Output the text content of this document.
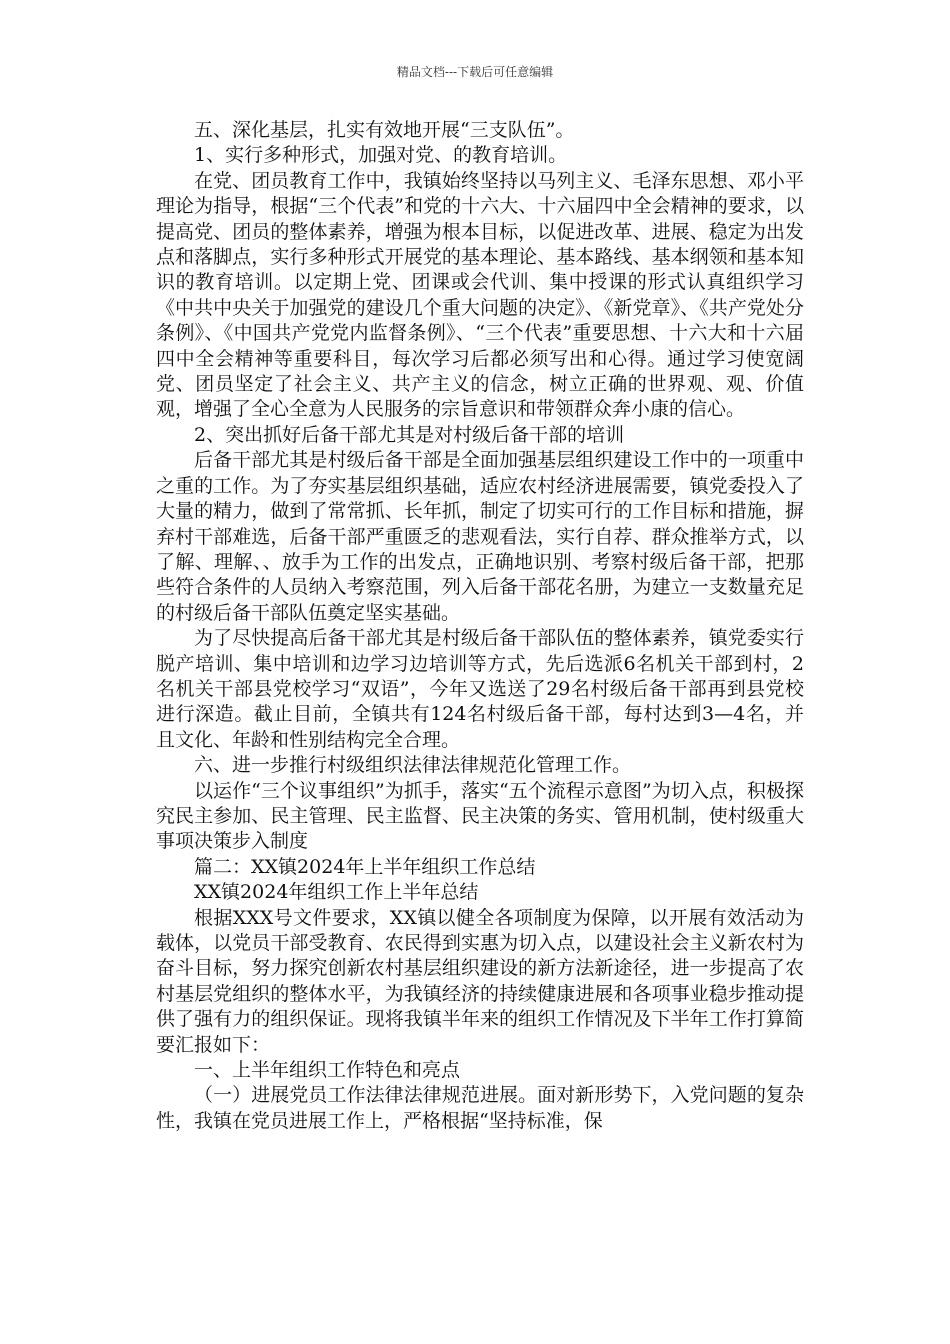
精品文档---下载后可任意编辑

五、深化基层，扎实有效地开展“三支队伍”。

1、实行多种形式，加强对党、的教育培训。

在党、团员教育工作中，我镇始终坚持以马列主义、毛泽东思想、邓小平理论为指导，根据“三个代表”和党的十六大、十六届四中全会精神的要求，以提高党、团员的整体素养，增强为根本目标，以促进改革、进展、稳定为出发点和落脚点，实行多种形式开展党的基本理论、基本路线、基本纲领和基本知识的教育培训。以定期上党、团课或会代训、集中授课的形式认真组织学习《中共中央关于加强党的建设几个重大问题的决定》、《新党章》、《共产党处分条例》、《中国共产党党内监督条例》、“三个代表”重要思想、十六大和十六届四中全会精神等重要科目，每次学习后都必须写出和心得。通过学习使宽阔党、团员坚定了社会主义、共产主义的信念，树立正确的世界观、观、价值观，增强了全心全意为人民服务的宗旨意识和带领群众奔小康的信心。

2、突出抓好后备干部尤其是对村级后备干部的培训

后备干部尤其是村级后备干部是全面加强基层组织建设工作中的一项重中之重的工作。为了夯实基层组织基础，适应农村经济进展需要，镇党委投入了大量的精力，做到了常常抓、长年抓，制定了切实可行的工作目标和措施，摒弃村干部难选，后备干部严重匮乏的悲观看法，实行自荐、群众推举方式，以了解、理解、、放手为工作的出发点，正确地识别、考察村级后备干部，把那些符合条件的人员纳入考察范围，列入后备干部花名册，为建立一支数量充足的村级后备干部队伍奠定坚实基础。

为了尽快提高后备干部尤其是村级后备干部队伍的整体素养，镇党委实行脱产培训、集中培训和边学习边培训等方式，先后选派6名机关干部到村，2名机关干部县党校学习“双语”，今年又选送了29名村级后备干部再到县党校进行深造。截止目前，全镇共有124名村级后备干部，每村达到3—4名，并且文化、年龄和性别结构完全合理。

六、进一步推行村级组织法律法律规范化管理工作。

以运作“三个议事组织”为抓手，落实“五个流程示意图”为切入点，积极探究民主参加、民主管理、民主监督、民主决策的务实、管用机制，使村级重大事项决策步入制度

篇二：XX镇2024年上半年组织工作总结

XX镇2024年组织工作上半年总结

根据XXX号文件要求，XX镇以健全各项制度为保障，以开展有效活动为载体，以党员干部受教育、农民得到实惠为切入点，以建设社会主义新农村为奋斗目标，努力探究创新农村基层组织建设的新方法新途径，进一步提高了农村基层党组织的整体水平，为我镇经济的持续健康进展和各项事业稳步推动提供了强有力的组织保证。现将我镇半年来的组织工作情况及下半年工作打算简要汇报如下：

一、上半年组织工作特色和亮点

（一）进展党员工作法律法律规范进展。面对新形势下，入党问题的复杂性，我镇在党员进展工作上，严格根据“坚持标准，保
